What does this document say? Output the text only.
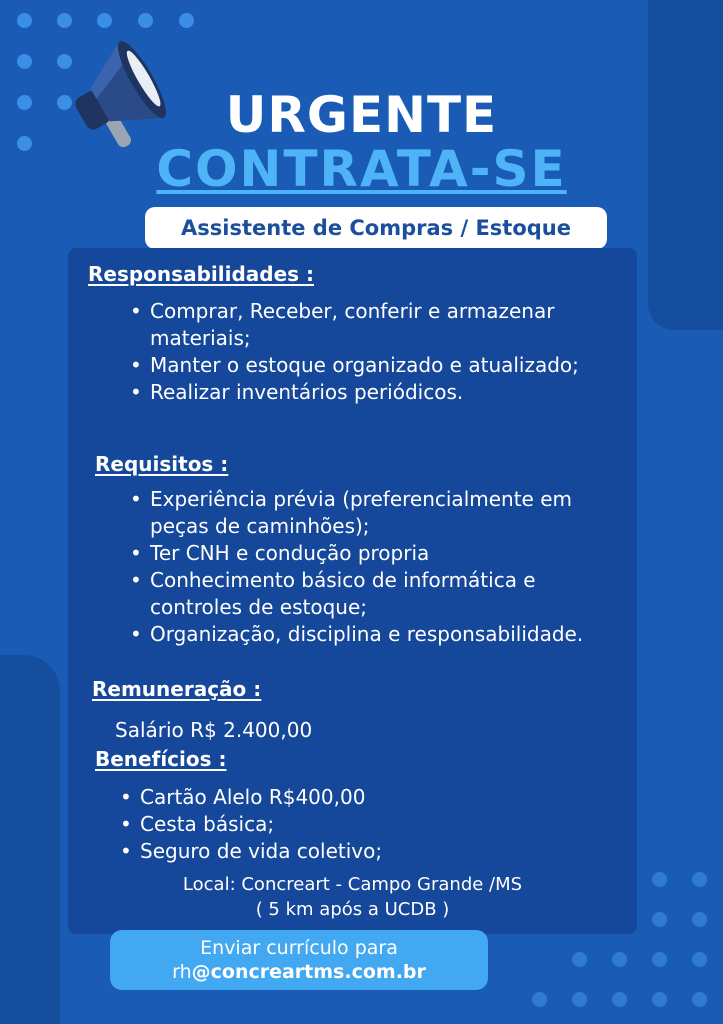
URGENTE
CONTRATA-SE
Assistente de Compras / Estoque
Responsabilidades :
• Comprar, Receber, conferir e armazenar materiais;
• Manter o estoque organizado e atualizado;
• Realizar inventários periódicos.
Requisitos :
• Experiência prévia (preferencialmente em peças de caminhões);
• Ter CNH e condução propria
• Conhecimento básico de informática e controles de estoque;
• Organização, disciplina e responsabilidade.
Remuneração :
Salário R$ 2.400,00
Benefícios :
• Cartão Alelo R$400,00
• Cesta básica;
• Seguro de vida coletivo;
Local: Concreart - Campo Grande /MS
( 5 km após a UCDB )
Enviar currículo para
rh@concreartms.com.br
